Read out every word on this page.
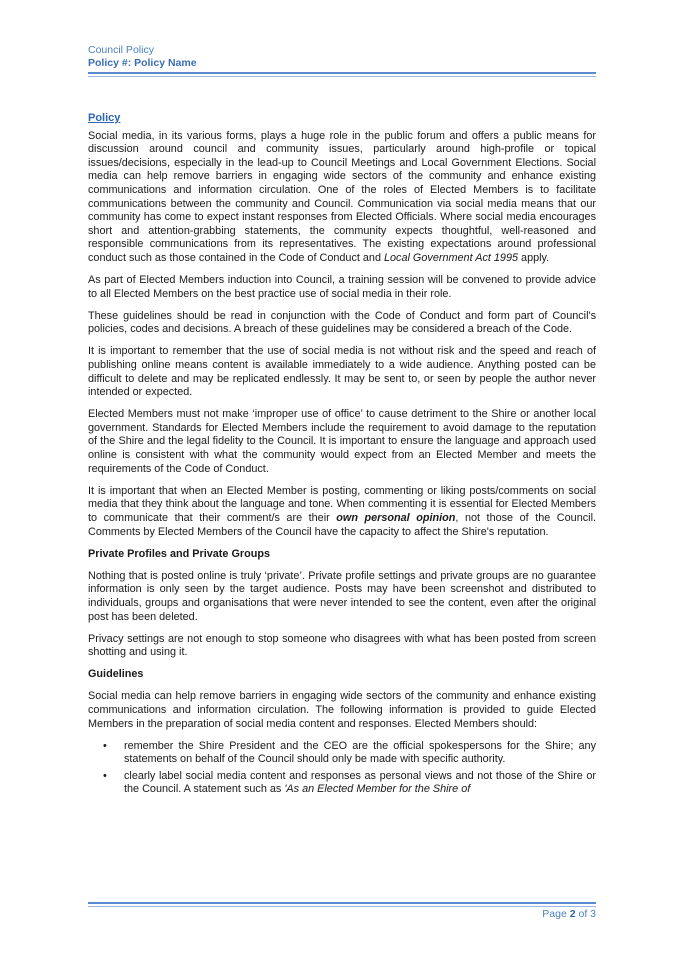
Council Policy
Policy #: Policy Name
Policy

Social media, in its various forms, plays a huge role in the public forum and offers a public means for discussion around council and community issues, particularly around high-profile or topical issues/decisions, especially in the lead-up to Council Meetings and Local Government Elections. Social media can help remove barriers in engaging wide sectors of the community and enhance existing communications and information circulation. One of the roles of Elected Members is to facilitate communications between the community and Council. Communication via social media means that our community has come to expect instant responses from Elected Officials. Where social media encourages short and attention-grabbing statements, the community expects thoughtful, well-reasoned and responsible communications from its representatives. The existing expectations around professional conduct such as those contained in the Code of Conduct and Local Government Act 1995 apply.

As part of Elected Members induction into Council, a training session will be convened to provide advice to all Elected Members on the best practice use of social media in their role.

These guidelines should be read in conjunction with the Code of Conduct and form part of Council's policies, codes and decisions. A breach of these guidelines may be considered a breach of the Code.

It is important to remember that the use of social media is not without risk and the speed and reach of publishing online means content is available immediately to a wide audience. Anything posted can be difficult to delete and may be replicated endlessly. It may be sent to, or seen by people the author never intended or expected.

Elected Members must not make ‘improper use of office’ to cause detriment to the Shire or another local government. Standards for Elected Members include the requirement to avoid damage to the reputation of the Shire and the legal fidelity to the Council. It is important to ensure the language and approach used online is consistent with what the community would expect from an Elected Member and meets the requirements of the Code of Conduct.

It is important that when an Elected Member is posting, commenting or liking posts/comments on social media that they think about the language and tone. When commenting it is essential for Elected Members to communicate that their comment/s are their own personal opinion, not those of the Council. Comments by Elected Members of the Council have the capacity to affect the Shire's reputation.

Private Profiles and Private Groups

Nothing that is posted online is truly ‘private’. Private profile settings and private groups are no guarantee information is only seen by the target audience. Posts may have been screenshot and distributed to individuals, groups and organisations that were never intended to see the content, even after the original post has been deleted.

Privacy settings are not enough to stop someone who disagrees with what has been posted from screen shotting and using it.

Guidelines

Social media can help remove barriers in engaging wide sectors of the community and enhance existing communications and information circulation. The following information is provided to guide Elected Members in the preparation of social media content and responses. Elected Members should:

• remember the Shire President and the CEO are the official spokespersons for the Shire; any statements on behalf of the Council should only be made with specific authority.
• clearly label social media content and responses as personal views and not those of the Shire or the Council. A statement such as 'As an Elected Member for the Shire of
Page 2 of 3
